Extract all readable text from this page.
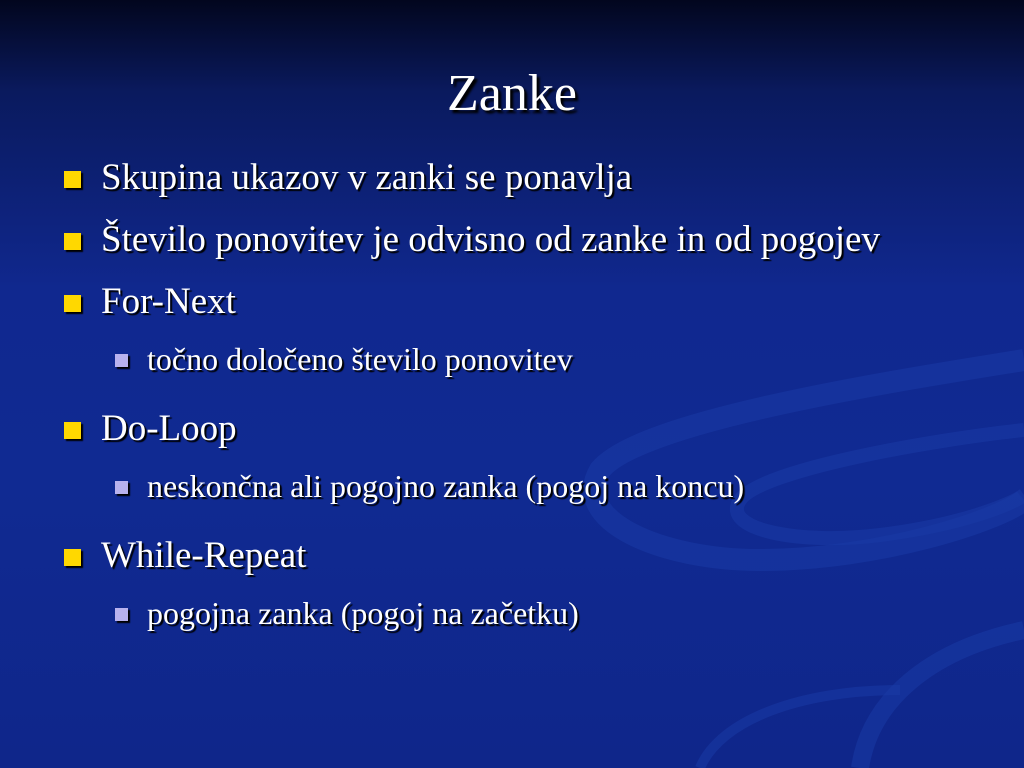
Zanke
Skupina ukazov v zanki se ponavlja
Število ponovitev je odvisno od zanke in od pogojev
For-Next
točno določeno število ponovitev
Do-Loop
neskončna ali pogojno zanka (pogoj na koncu)
While-Repeat
pogojna zanka (pogoj na začetku)
